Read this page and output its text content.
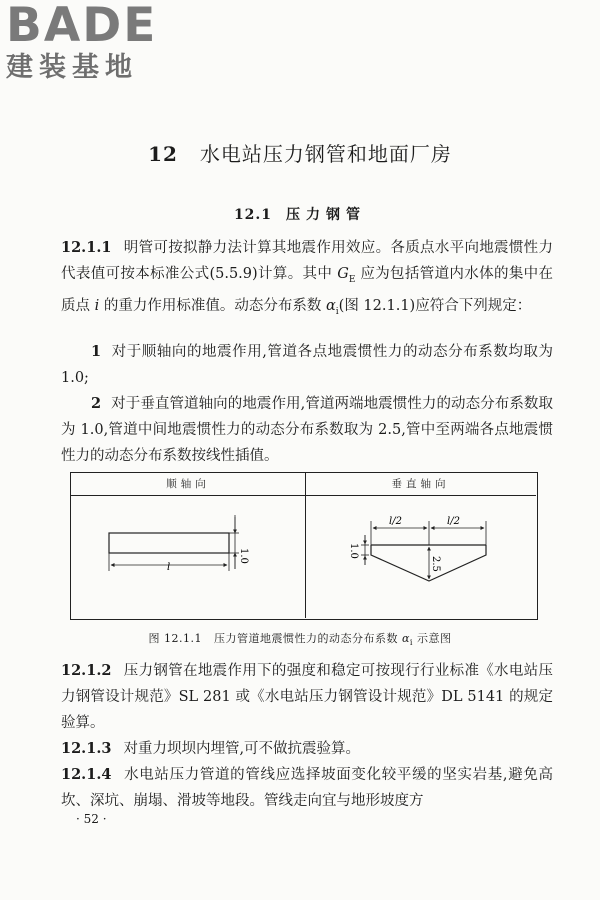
BADE
建装基地
12 水电站压力钢管和地面厂房
12.1 压力钢管

12.1.1 明管可按拟静力法计算其地震作用效应。各质点水平向地震惯性力代表值可按本标准公式(5.5.9)计算。其中 $G_E$ 应为包括管道内水体的集中在质点 i 的重力作用标准值。动态分布系数 $\alpha_i$(图 12.1.1)应符合下列规定：

1 对于顺轴向的地震作用,管道各点地震惯性力的动态分布系数均取为 1.0;

2 对于垂直管道轴向的地震作用,管道两端地震惯性力的动态分布系数取为 1.0,管道中间地震惯性力的动态分布系数取为 2.5,管中至两端各点地震惯性力的动态分布系数按线性插值。

顺轴向	垂直轴向
1.0
l
l/2	l/2
1.0
2.5
图 12.1.1 压力管道地震惯性力的动态分布系数 $\alpha_i$ 示意图

12.1.2 压力钢管在地震作用下的强度和稳定可按现行行业标准《水电站压力钢管设计规范》SL 281 或《水电站压力钢管设计规范》DL 5141 的规定验算。

12.1.3 对重力坝坝内埋管,可不做抗震验算。

12.1.4 水电站压力管道的管线应选择坡面变化较平缓的坚实岩基,避免高坎、深坑、崩塌、滑坡等地段。管线走向宜与地形坡度方

· 52 ·
